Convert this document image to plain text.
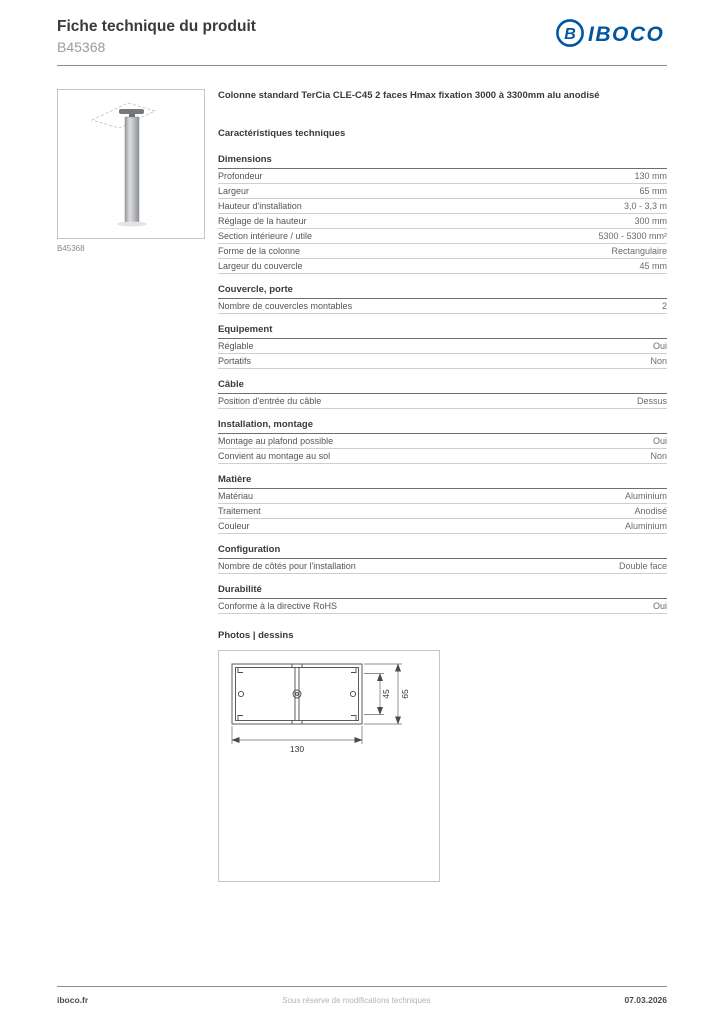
Fiche technique du produit
B45368
B IBOCO
B45368
Colonne standard TerCia CLE-C45 2 faces Hmax fixation 3000 à 3300mm alu anodisé
Caractéristiques techniques
Dimensions
Profondeur	130 mm
Largeur	65 mm
Hauteur d'installation	3,0 - 3,3 m
Réglage de la hauteur	300 mm
Section intérieure / utile	5300 - 5300 mm²
Forme de la colonne	Rectangulaire
Largeur du couvercle	45 mm
Couvercle, porte
Nombre de couvercles montables	2
Equipement
Réglable	Oui
Portatifs	Non
Câble
Position d'entrée du câble	Dessus
Installation, montage
Montage au plafond possible	Oui
Convient au montage au sol	Non
Matière
Matériau	Aluminium
Traitement	Anodisé
Couleur	Aluminium
Configuration
Nombre de côtés pour l'installation	Double face
Durabilité
Conforme à la directive RoHS	Oui
Photos | dessins
130
45 65
iboco.fr	Sous réserve de modifications techniques	07.03.2026
